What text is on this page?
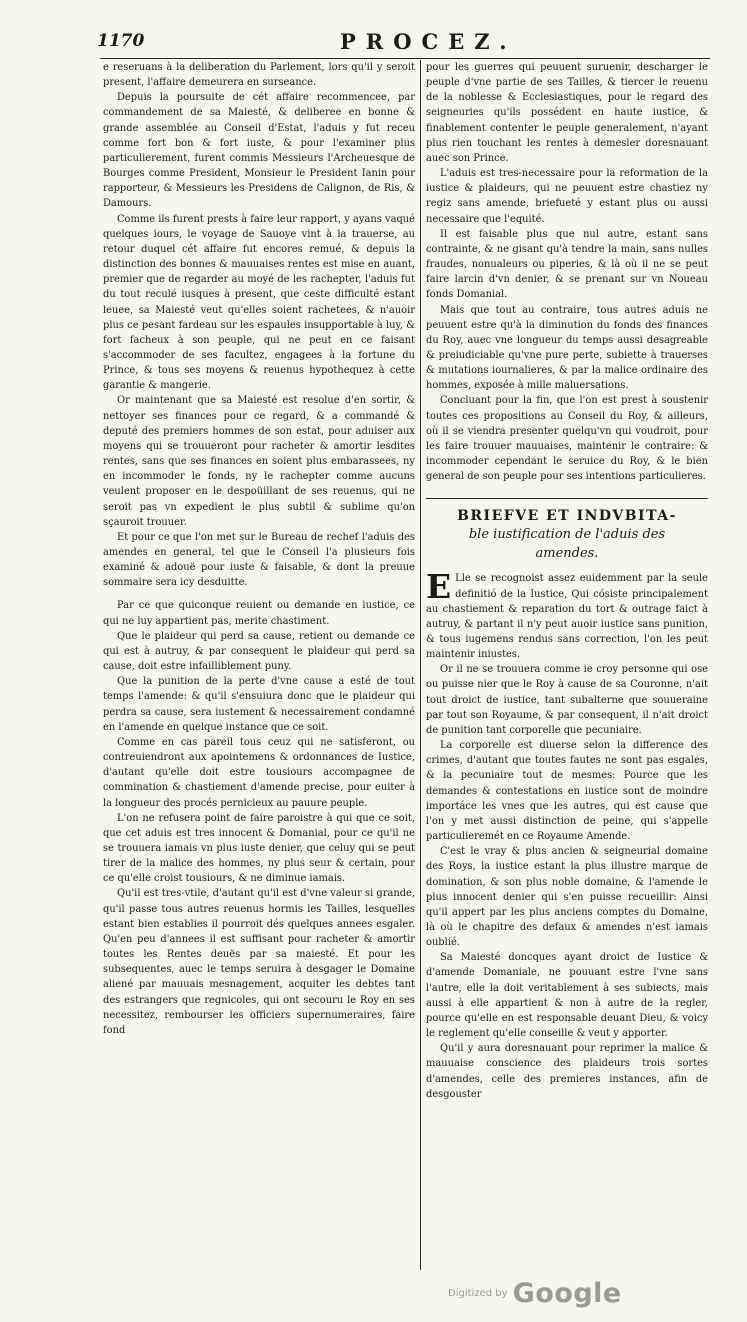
1170	PROCEZ.

e reseruans à la deliberation du Parlement, lors qu'il y seroit present, l'affaire demeurera en surseance.

Depuis la poursuite de cét affaire recommencee, par commandement de sa Maiesté, & deliberee en bonne & grande assemblée au Conseil d'Estat, l'aduis y fut receu comme fort bon & fort iuste, & pour l'examiner plus particulierement, furent commis Messieurs l'Archeuesque de Bourges comme President, Monsieur le President Ianin pour rapporteur, & Messieurs les Presidens de Calignon, de Ris, & Damours.

Comme ils furent prests à faire leur rapport, y ayans vaqué quelques iours, le voyage de Sauoye vint à la trauerse, au retour duquel cét affaire fut encores remué, & depuis la distinction des bonnes & mauuaises rentes est mise en auant, premier que de regarder au moyé de les rachepter, l'aduis fut du tout reculé iusques à present, que ceste difficulté estant leuee, sa Maiesté veut qu'elles soient rachetees, & n'auoir plus ce pesant fardeau sur les espaules insupportable à luy, & fort facheux à son peuple, qui ne peut en ce faisant s'accommoder de ses facultez, engagees à la fortune du Prince, & tous ses moyens & reuenus hypothequez à cette garantie & mangerie.

Or maintenant que sa Maiesté est resolue d'en sortir, & nettoyer ses finances pour ce regard, & a commandé & deputé des premiers hommes de son estat, pour aduiser aux moyens qui se trouueront pour racheter & amortir lesdites rentes, sans que ses finances en soient plus embarassees, ny en incommoder le fonds, ny le rachepter comme aucuns veulent proposer en le despoüillant de ses reuenus, qui ne seroit pas vn expedient le plus subtil & sublime qu'on sçauroit trouuer.

Et pour ce que l'on met sur le Bureau de rechef l'aduis des amendes en general, tel que le Conseil l'a plusieurs fois examiné & adouë pour iuste & faisable, & dont la preuue sommaire sera icy desduitte.

Par ce que quiconque reuient ou demande en iustice, ce qui ne luy appartient pas, merite chastiment.

Que le plaideur qui perd sa cause, retient ou demande ce qui est à autruy, & par consequent le plaideur qui perd sa cause, doit estre infailliblement puny.

Que la punition de la perte d'vne cause a esté de tout temps l'amende: & qu'il s'ensuiura donc que le plaideur qui perdra sa cause, sera iustement & necessairement condamné en l'amende en quelque instance que ce soit.

Comme en cas pareil tous ceuz qui ne satisferont, ou contreuiendront aux apointemens & ordonnances de Iustice, d'autant qu'elle doit estre tousiours accompagnee de commination & chastiement d'amende precise, pour euiter à la longueur des procés pernicieux au pauure peuple.

L'on ne refusera point de faire paroistre à qui que ce soit, que cet aduis est tres innocent & Domanial, pour ce qu'il ne se trouuera iamais vn plus iuste denier, que celuy qui se peut tirer de la malice des hommes, ny plus seur & certain, pour ce qu'elle croist tousiours, & ne diminue iamais.

Qu'il est tres-vtile, d'autant qu'il est d'vne valeur si grande, qu'il passe tous autres reuenus hormis les Tailles, lesquelles estant bien establies il pourroit dés quelques annees esgaler. Qu'en peu d'annees il est suffisant pour racheter & amortir toutes les Rentes deuës par sa maiesté. Et pour les subsequentes, auec le temps seruira à desgager le Domaine aliené par mauuais mesnagement, acquiter les debtes tant des estrangers que regnicoles, qui ont secouru le Roy en ses necessitez, rembourser les officiers supernumeraires, faire fond

pour les guerres qui peuuent suruenir, descharger le peuple d'vne partie de ses Tailles, & tiercer le reuenu de la noblesse & Ecclesiastiques, pour le regard des seigneuries qu'ils possédent en haute iustice, & finablement contenter le peuple generalement, n'ayant plus rien touchant les rentes à demesler doresnauant auec son Prince.

L'aduis est tres-necessaire pour la reformation de la iustice & plaideurs, qui ne peuuent estre chastiez ny regiz sans amende, briefueté y estant plus ou aussi necessaire que l'equité.

Il est faisable plus que nul autre, estant sans contrainte, & ne gisant qu'à tendre la main, sans nulles fraudes, nonualeurs ou piperies, & là où il ne se peut faire larcin d'vn denier, & se prenant sur vn Noueau fonds Domanial.

Mais que tout au contraire, tous autres aduis ne peuuent estre qu'à la diminution du fonds des finances du Roy, auec vne longueur du temps aussi desagreable & preiudiciable qu'vne pure perte, subiette à trauerses & mutations iournalieres, & par la malice ordinaire des hommes, exposée à mille maluersations.

Concluant pour la fin, que l'on est prest à soustenir toutes ces propositions au Conseil du Roy, & ailleurs, où il se viendra presenter quelqu'vn qui voudroit, pour les faire trouuer mauuaises, maintenir le contraire: & incommoder cependant le seruice du Roy, & le bien general de son peuple pour ses intentions particulieres.

BRIEFVE ET INDVBITA-
ble iustification de l'aduis des
amendes.

E Lle se recognoist assez euidemment par la seule definitió de la Iustice, Qui cósiste principalement au chastiement & reparation du tort & outrage faict à autruy, & partant il n'y peut auoir iustice sans punition, & tous iugemens rendus sans correction, l'on les peut maintenir iniustes.

Or il ne se trouuera comme ie croy personne qui ose ou puisse nier que le Roy à cause de sa Couronne, n'ait tout droict de iustice, tant subalterne que souueraine par tout son Royaume, & par consequent, il n'ait droict de punition tant corporelle que pecuniaire.

La corporelle est diuerse selon la difference des crimes, d'autant que toutes fautes ne sont pas esgales, & la pecuniaire tout de mesmes: Pource que les demandes & contestations en iustice sont de moindre importáce les vnes que les autres, qui est cause que l'on y met aussi distinction de peine, qui s'appelle particulieremét en ce Royaume Amende.

C'est le vray & plus ancien & seigneurial domaine des Roys, la iustice estant la plus illustre marque de domination, & son plus noble domaine, & l'amende le plus innocent denier qui s'en puisse recueillir: Ainsi qu'il appert par les plus anciens comptes du Domaine, là où le chapitre des defaux & amendes n'est iamais oublié.

Sa Maiesté doncques ayant droict de Iustice & d'amende Domaniale, ne pouuant estre l'vne sans l'autre, elle la doit veritablement à ses subiects, mais aussi à elle appartient & non à autre de la regler, pource qu'elle en est responsable deuant Dieu, & voicy le reglement qu'elle conseille & veut y apporter.

Qu'il y aura doresnauant pour reprimer la malice & mauuaise conscience des plaideurs trois sortes d'amendes, celle des premieres instances, afin de desgouster

Digitized by Google
